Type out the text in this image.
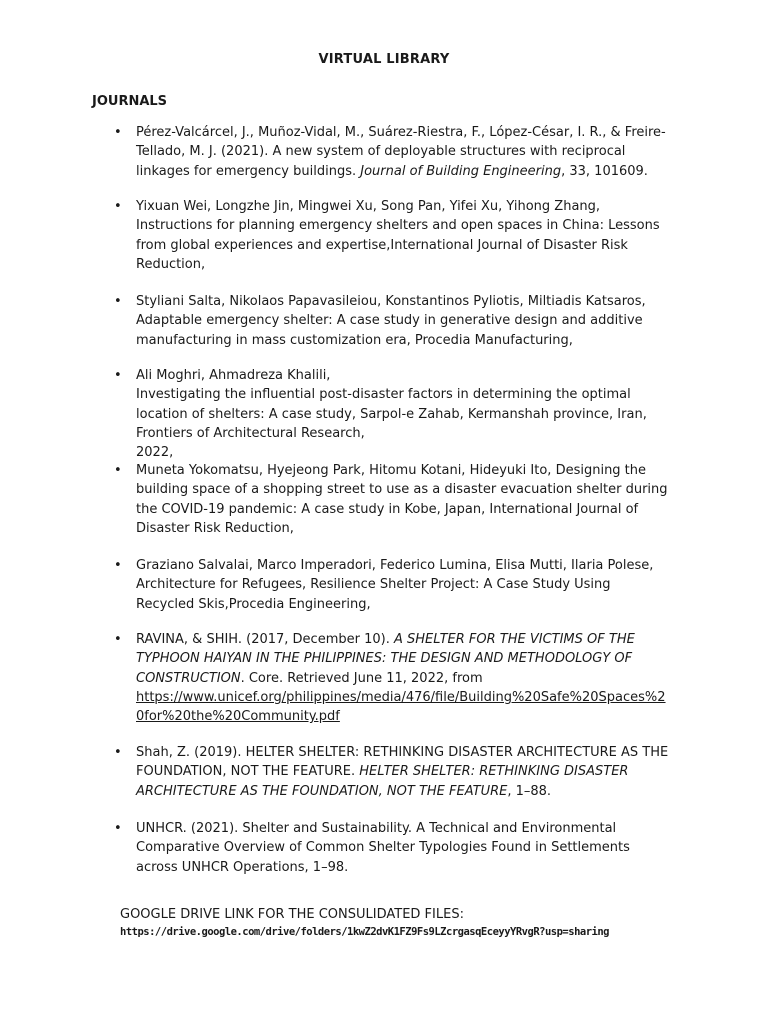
VIRTUAL LIBRARY
JOURNALS
• Pérez-Valcárcel, J., Muñoz-Vidal, M., Suárez-Riestra, F., López-César, I. R., & Freire-
Tellado, M. J. (2021). A new system of deployable structures with reciprocal
linkages for emergency buildings. Journal of Building Engineering, 33, 101609.
• Yixuan Wei, Longzhe Jin, Mingwei Xu, Song Pan, Yifei Xu, Yihong Zhang,
Instructions for planning emergency shelters and open spaces in China: Lessons
from global experiences and expertise,International Journal of Disaster Risk
Reduction,
• Styliani Salta, Nikolaos Papavasileiou, Konstantinos Pyliotis, Miltiadis Katsaros,
Adaptable emergency shelter: A case study in generative design and additive
manufacturing in mass customization era, Procedia Manufacturing,
• Ali Moghri, Ahmadreza Khalili,
Investigating the influential post-disaster factors in determining the optimal
location of shelters: A case study, Sarpol-e Zahab, Kermanshah province, Iran,
Frontiers of Architectural Research,
2022,
• Muneta Yokomatsu, Hyejeong Park, Hitomu Kotani, Hideyuki Ito, Designing the
building space of a shopping street to use as a disaster evacuation shelter during
the COVID-19 pandemic: A case study in Kobe, Japan, International Journal of
Disaster Risk Reduction,
• Graziano Salvalai, Marco Imperadori, Federico Lumina, Elisa Mutti, Ilaria Polese,
Architecture for Refugees, Resilience Shelter Project: A Case Study Using
Recycled Skis,Procedia Engineering,
• RAVINA, & SHIH. (2017, December 10). A SHELTER FOR THE VICTIMS OF THE
TYPHOON HAIYAN IN THE PHILIPPINES: THE DESIGN AND METHODOLOGY OF
CONSTRUCTION. Core. Retrieved June 11, 2022, from
https://www.unicef.org/philippines/media/476/file/Building%20Safe%20Spaces%2
0for%20the%20Community.pdf
• Shah, Z. (2019). HELTER SHELTER: RETHINKING DISASTER ARCHITECTURE AS THE
FOUNDATION, NOT THE FEATURE. HELTER SHELTER: RETHINKING DISASTER
ARCHITECTURE AS THE FOUNDATION, NOT THE FEATURE, 1–88.
• UNHCR. (2021). Shelter and Sustainability. A Technical and Environmental
Comparative Overview of Common Shelter Typologies Found in Settlements
across UNHCR Operations, 1–98.
GOOGLE DRIVE LINK FOR THE CONSULIDATED FILES:
https://drive.google.com/drive/folders/1kwZ2dvK1FZ9Fs9LZcrgasqEceyyYRvgR?usp=sharing
